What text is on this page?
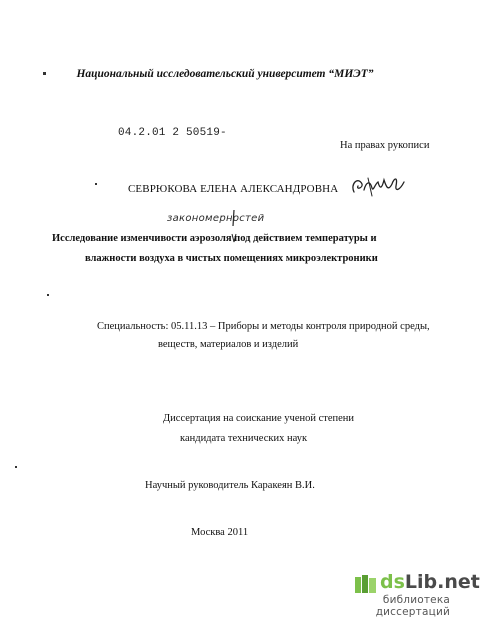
Национальный исследовательский университет “МИЭТ”
04.2.01 2 50519-
На правах рукописи
СЕВРЮКОВА ЕЛЕНА АЛЕКСАНДРОВНА
закономерностей
Исследование изменчивости аэрозоля под действием температуры и
влажности воздуха в чистых помещениях микроэлектроники
Специальность: 05.11.13 – Приборы и методы контроля природной среды,
веществ, материалов и изделий
Диссертация на соискание ученой степени
кандидата технических наук
Научный руководитель Каракеян В.И.
Москва 2011
dsLib.net
библиотека диссертаций
